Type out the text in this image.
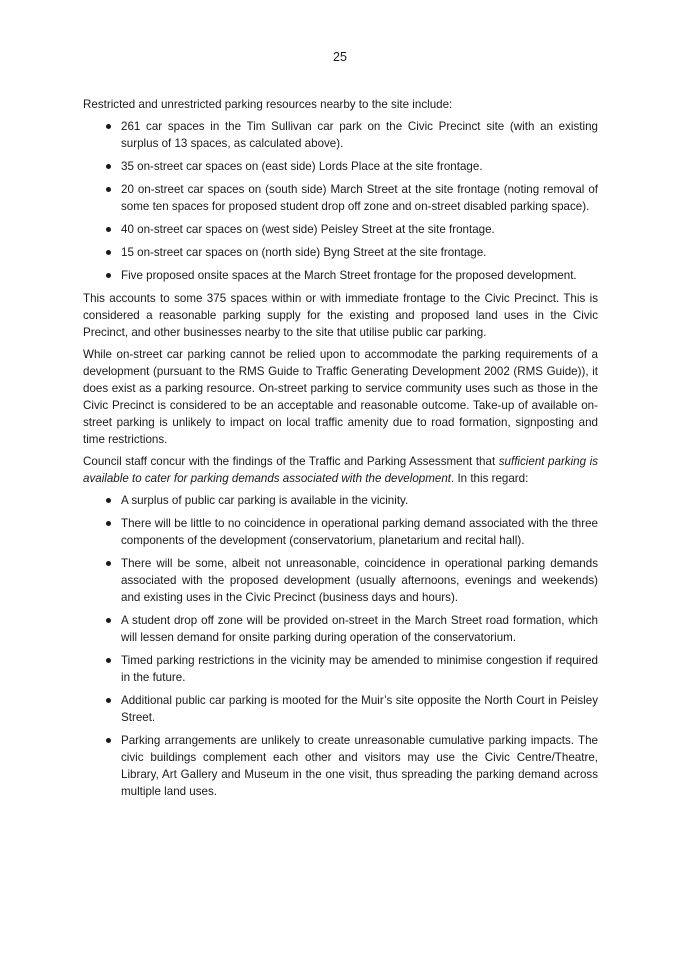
25

Restricted and unrestricted parking resources nearby to the site include:

261 car spaces in the Tim Sullivan car park on the Civic Precinct site (with an existing surplus of 13 spaces, as calculated above).
35 on-street car spaces on (east side) Lords Place at the site frontage.
20 on-street car spaces on (south side) March Street at the site frontage (noting removal of some ten spaces for proposed student drop off zone and on-street disabled parking space).
40 on-street car spaces on (west side) Peisley Street at the site frontage.
15 on-street car spaces on (north side) Byng Street at the site frontage.
Five proposed onsite spaces at the March Street frontage for the proposed development.

This accounts to some 375 spaces within or with immediate frontage to the Civic Precinct. This is considered a reasonable parking supply for the existing and proposed land uses in the Civic Precinct, and other businesses nearby to the site that utilise public car parking.

While on-street car parking cannot be relied upon to accommodate the parking requirements of a development (pursuant to the RMS Guide to Traffic Generating Development 2002 (RMS Guide)), it does exist as a parking resource. On-street parking to service community uses such as those in the Civic Precinct is considered to be an acceptable and reasonable outcome. Take-up of available on-street parking is unlikely to impact on local traffic amenity due to road formation, signposting and time restrictions.

Council staff concur with the findings of the Traffic and Parking Assessment that sufficient parking is available to cater for parking demands associated with the development. In this regard:

A surplus of public car parking is available in the vicinity.
There will be little to no coincidence in operational parking demand associated with the three components of the development (conservatorium, planetarium and recital hall).
There will be some, albeit not unreasonable, coincidence in operational parking demands associated with the proposed development (usually afternoons, evenings and weekends) and existing uses in the Civic Precinct (business days and hours).
A student drop off zone will be provided on-street in the March Street road formation, which will lessen demand for onsite parking during operation of the conservatorium.
Timed parking restrictions in the vicinity may be amended to minimise congestion if required in the future.
Additional public car parking is mooted for the Muir’s site opposite the North Court in Peisley Street.
Parking arrangements are unlikely to create unreasonable cumulative parking impacts. The civic buildings complement each other and visitors may use the Civic Centre/Theatre, Library, Art Gallery and Museum in the one visit, thus spreading the parking demand across multiple land uses.
